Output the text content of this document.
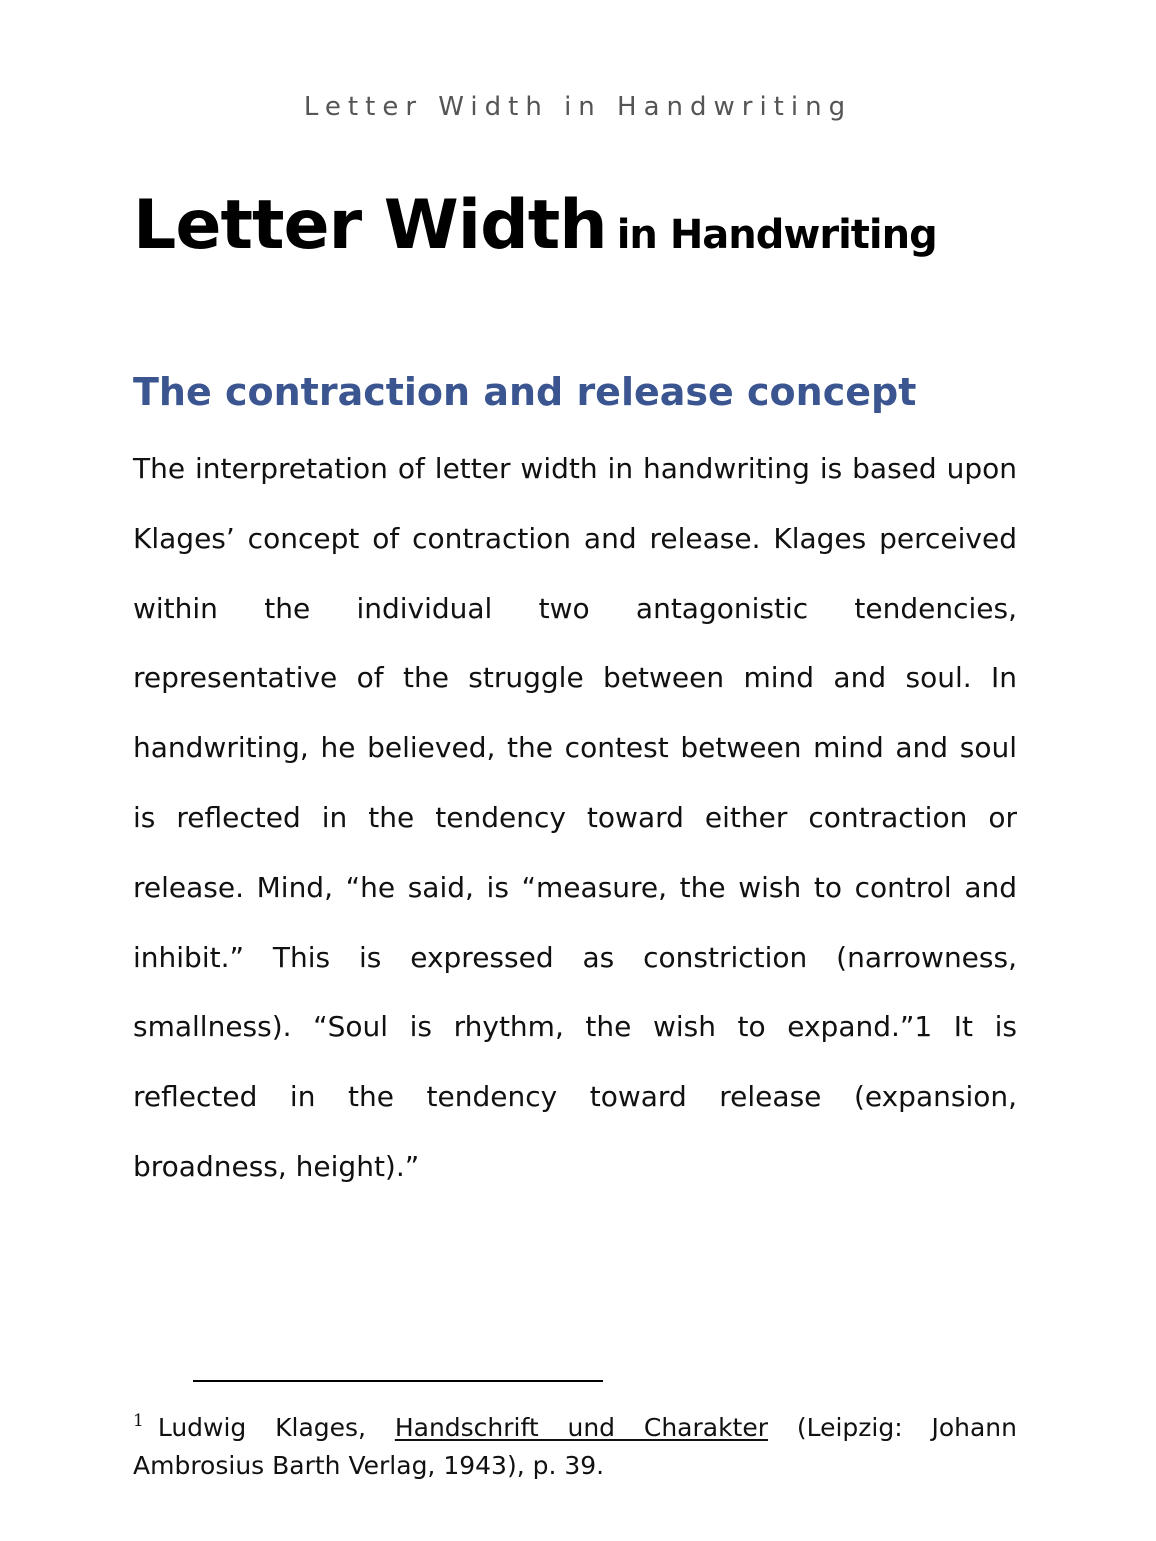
Letter Width in Handwriting
Letter Width in Handwriting
The contraction and release concept

The interpretation of letter width in handwriting is based upon Klages’ concept of contraction and release. Klages perceived within the individual two antagonistic tendencies, representative of the struggle between mind and soul. In handwriting, he believed, the contest between mind and soul is reflected in the tendency toward either contraction or release. Mind, “he said, is “measure, the wish to control and inhibit.” This is expressed as constriction (narrowness, smallness). “Soul is rhythm, the wish to expand.”1 It is reflected in the tendency toward release (expansion, broadness, height).”

$^1$ Ludwig Klages, Handschrift und Charakter (Leipzig: Johann Ambrosius Barth Verlag, 1943), p. 39.
